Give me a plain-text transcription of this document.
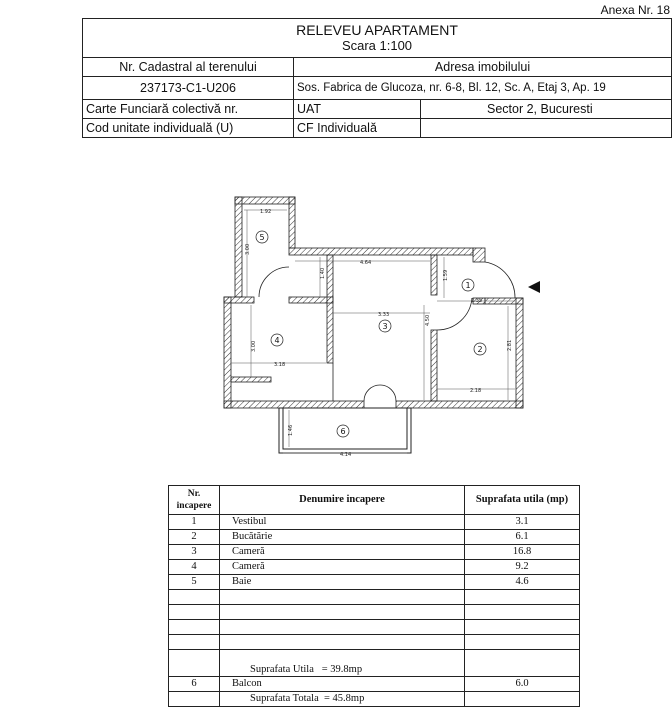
Anexa Nr. 18
RELEVEU APARTAMENT
Scara 1:100		

Nr. Cadastral al terenului	Adresa imobilului	
237173-C1-U206	Sos. Fabrica de Glucoza, nr. 6-8, Bl. 12, Sc. A, Etaj 3, Ap. 19	
Carte Funciară colectivă nr.	UAT	Sector 2, Bucuresti
Cod unitate individuală (U)	CF Individuală	
1.92
3.00
4.64
1.40	1.59
2.35
3.33	4.50
3.00
3.18
2.81
2.18
1.46
4.14
1
2
3
4
5
6
Nr. incapere	Denumire incapere	Suprafata utila (mp)
1	Vestibul	3.1
2	Bucătărie	6.1
3	Cameră	16.8
4	Cameră	9.2
5	Baie	4.6

	Suprafata Utila   = 39.8mp	
6	Balcon	6.0
	Suprafata Totala  = 45.8mp	
